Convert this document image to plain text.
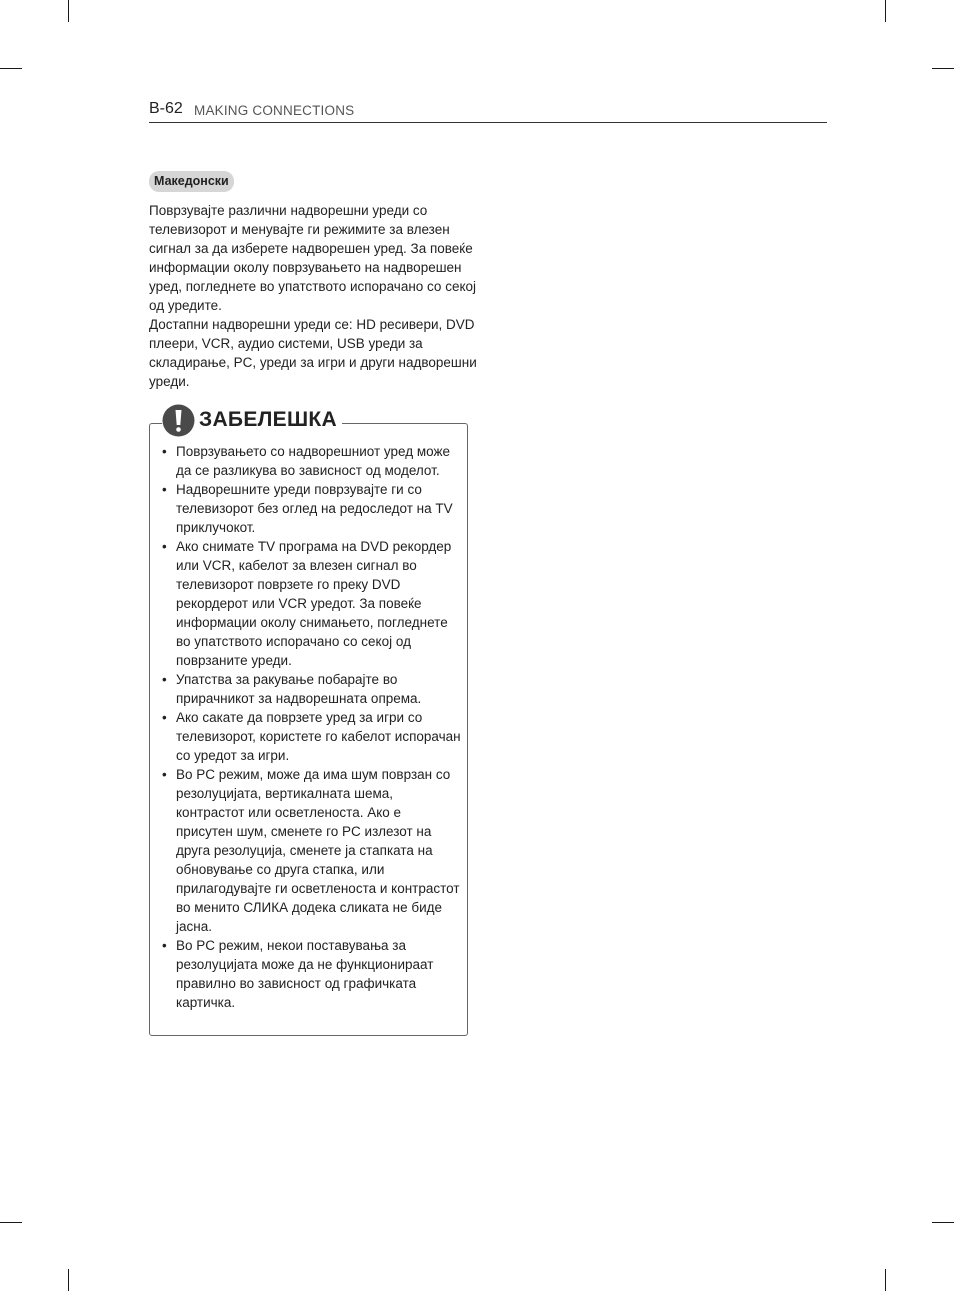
B-62 MAKING CONNECTIONS
Македонски

Поврзувајте различни надворешни уреди со телевизорот и менувајте ги режимите за влезен сигнал за да изберете надворешен уред. За повеќе информации околу поврзувањето на надворешен уред, погледнете во упатството испорачано со секој од уредите.

Достапни надворешни уреди се: HD ресивери, DVD плеери, VCR, аудио системи, USB уреди за складирање, PC, уреди за игри и други надворешни уреди.

ЗАБЕЛЕШКА
• Поврзувањето со надворешниот уред може да се разликува во зависност од моделот.
• Надворешните уреди поврзувајте ги со телевизорот без оглед на редоследот на TV приклучокот.
• Ако снимате TV програма на DVD рекордер или VCR, кабелот за влезен сигнал во телевизорот поврзете го преку DVD рекордерот или VCR уредот. За повеќе информации околу снимањето, погледнете во упатството испорачано со секој од поврзаните уреди.
• Упатства за ракување побарајте во прирачникот за надворешната опрема.
• Ако сакате да поврзете уред за игри со телевизорот, користете го кабелот испорачан со уредот за игри.
• Во PC режим, може да има шум поврзан со резолуцијата, вертикалната шема, контрастот или осветленоста. Ако е присутен шум, сменете го PC излезот на друга резолуција, сменете ја стапката на обновување со друга стапка, или прилагодувајте ги осветленоста и контрастот во менито СЛИКА додека сликата не биде јасна.
• Во PC режим, некои поставувања за резолуцијата може да не функционираат правилно во зависност од графичката картичка.
